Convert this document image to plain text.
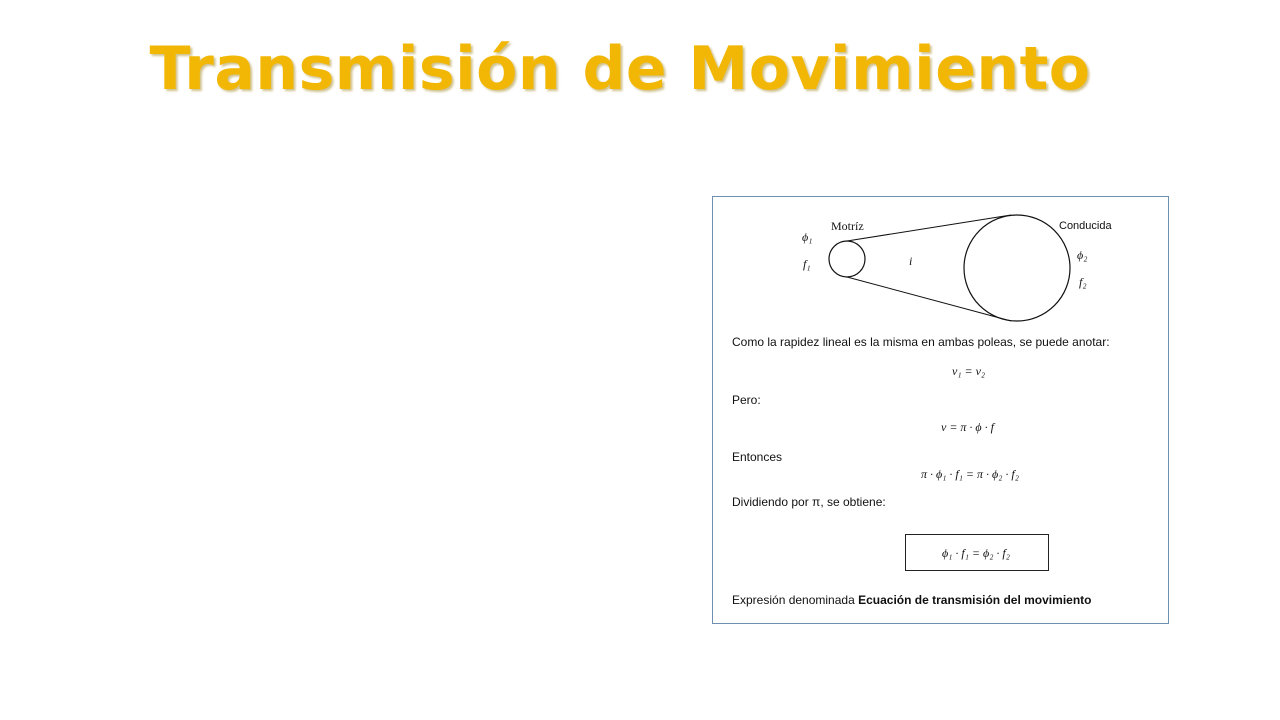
Transmisión de Movimiento
Motríz	Conducida
ϕ₁
f₁	i	ϕ₂
f₂
Como la rapidez lineal es la misma en ambas poleas, se puede anotar:
v₁ = v₂
Pero:
v = π · ϕ · f
Entonces
π · ϕ₁ · f₁ = π · ϕ₂ · f₂
Dividiendo por π, se obtiene:
ϕ₁ · f₁ = ϕ₂ · f₂
Expresión denominada Ecuación de transmisión del movimiento
